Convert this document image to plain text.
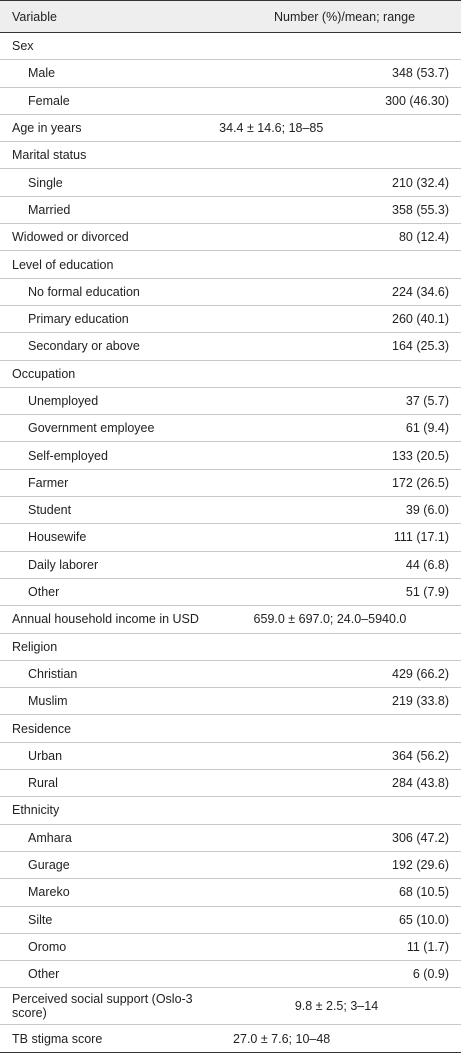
Variable	Number (%)/mean; range
Sex
Male	348 (53.7)
Female	300 (46.30)
Age in years	34.4 ± 14.6; 18–85
Marital status
Single	210 (32.4)
Married	358 (55.3)
Widowed or divorced	80 (12.4)
Level of education
No formal education	224 (34.6)
Primary education	260 (40.1)
Secondary or above	164 (25.3)
Occupation
Unemployed	37 (5.7)
Government employee	61 (9.4)
Self-employed	133 (20.5)
Farmer	172 (26.5)
Student	39 (6.0)
Housewife	111 (17.1)
Daily laborer	44 (6.8)
Other	51 (7.9)
Annual household income in USD	659.0 ± 697.0; 24.0–5940.0
Religion
Christian	429 (66.2)
Muslim	219 (33.8)
Residence
Urban	364 (56.2)
Rural	284 (43.8)
Ethnicity
Amhara	306 (47.2)
Gurage	192 (29.6)
Mareko	68 (10.5)
Silte	65 (10.0)
Oromo	11 (1.7)
Other	6 (0.9)
Perceived social support (Oslo-3 score)	9.8 ± 2.5; 3–14
TB stigma score	27.0 ± 7.6; 10–48
